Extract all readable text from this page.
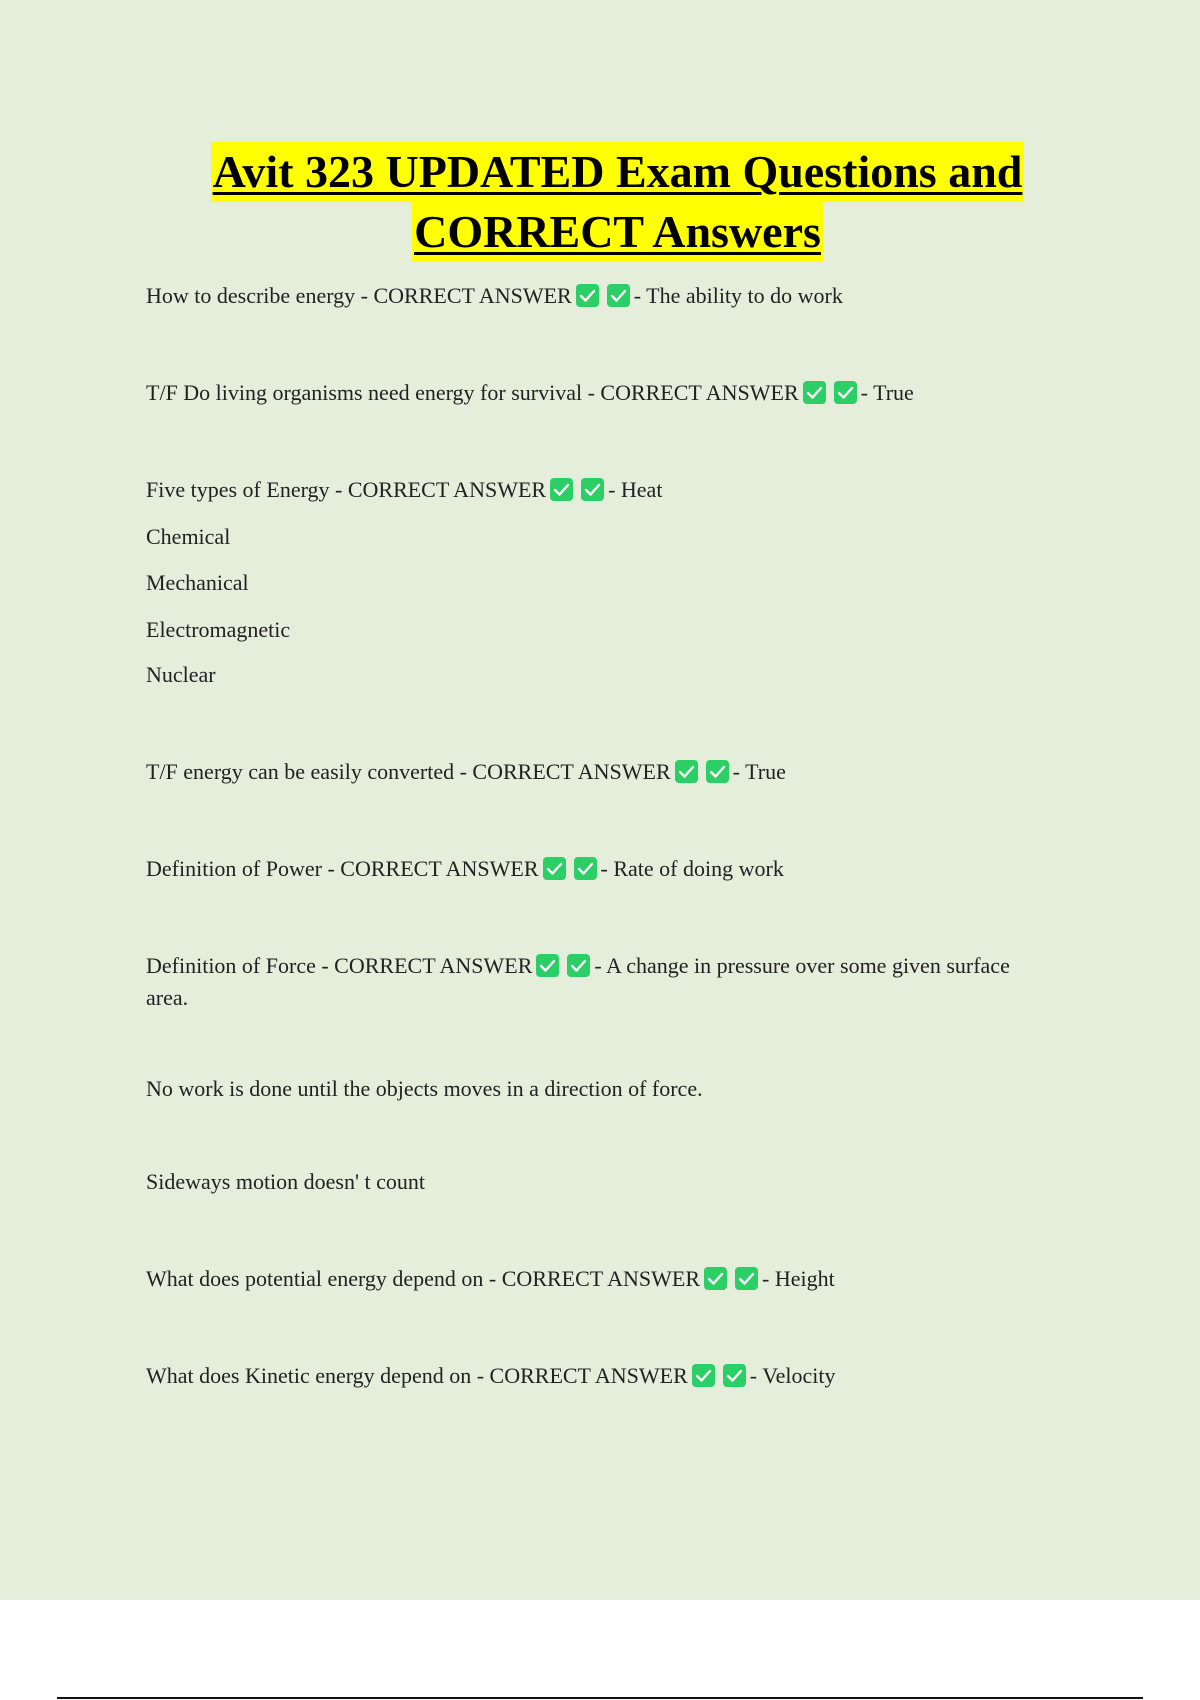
Avit 323 UPDATED Exam Questions and
CORRECT Answers
How to describe energy - CORRECT ANSWER	- The ability to do work
T/F Do living organisms need energy for survival - CORRECT ANSWER	- True
Five types of Energy - CORRECT ANSWER	- Heat
Chemical
Mechanical
Electromagnetic
Nuclear
T/F energy can be easily converted - CORRECT ANSWER	- True
Definition of Power - CORRECT ANSWER	- Rate of doing work
Definition of Force - CORRECT ANSWER	- A change in pressure over some given surface area.
No work is done until the objects moves in a direction of force.
Sideways motion doesn' t count
What does potential energy depend on - CORRECT ANSWER	- Height
What does Kinetic energy depend on - CORRECT ANSWER	- Velocity
